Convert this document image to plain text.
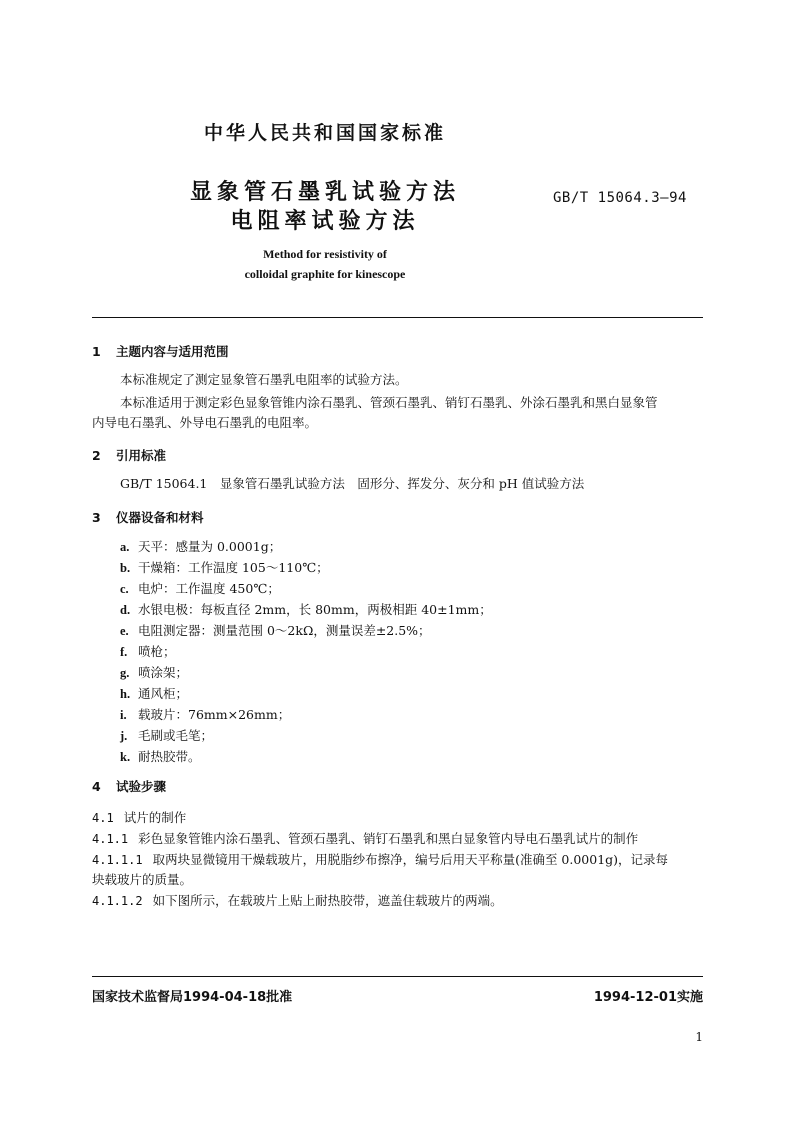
中华人民共和国国家标准
显象管石墨乳试验方法
电阻率试验方法
GB/T 15064.3—94
Method for resistivity of
colloidal graphite for kinescope
1 主题内容与适用范围
本标准规定了测定显象管石墨乳电阻率的试验方法。
本标准适用于测定彩色显象管锥内涂石墨乳、管颈石墨乳、销钉石墨乳、外涂石墨乳和黑白显象管
内导电石墨乳、外导电石墨乳的电阻率。
2 引用标准
GB/T 15064.1　显象管石墨乳试验方法　固形分、挥发分、灰分和 pH 值试验方法
3 仪器设备和材料
a. 天平：感量为 0.0001g；
b. 干燥箱：工作温度 105～110℃；
c. 电炉：工作温度 450℃；
d. 水银电极：每板直径 2mm，长 80mm，两极相距 40±1mm；
e. 电阻测定器：测量范围 0～2kΩ，测量误差±2.5%；
f. 喷枪；
g. 喷涂架；
h. 通风柜；
i. 载玻片：76mm×26mm；
j. 毛刷或毛笔；
k. 耐热胶带。
4 试验步骤
4.1 试片的制作
4.1.1 彩色显象管锥内涂石墨乳、管颈石墨乳、销钉石墨乳和黑白显象管内导电石墨乳试片的制作
4.1.1.1 取两块显微镜用干燥载玻片，用脱脂纱布擦净，编号后用天平称量(准确至 0.0001g)，记录每
块载玻片的质量。
4.1.1.2 如下图所示，在载玻片上贴上耐热胶带，遮盖住载玻片的两端。
国家技术监督局1994-04-18批准	1994-12-01实施
1
